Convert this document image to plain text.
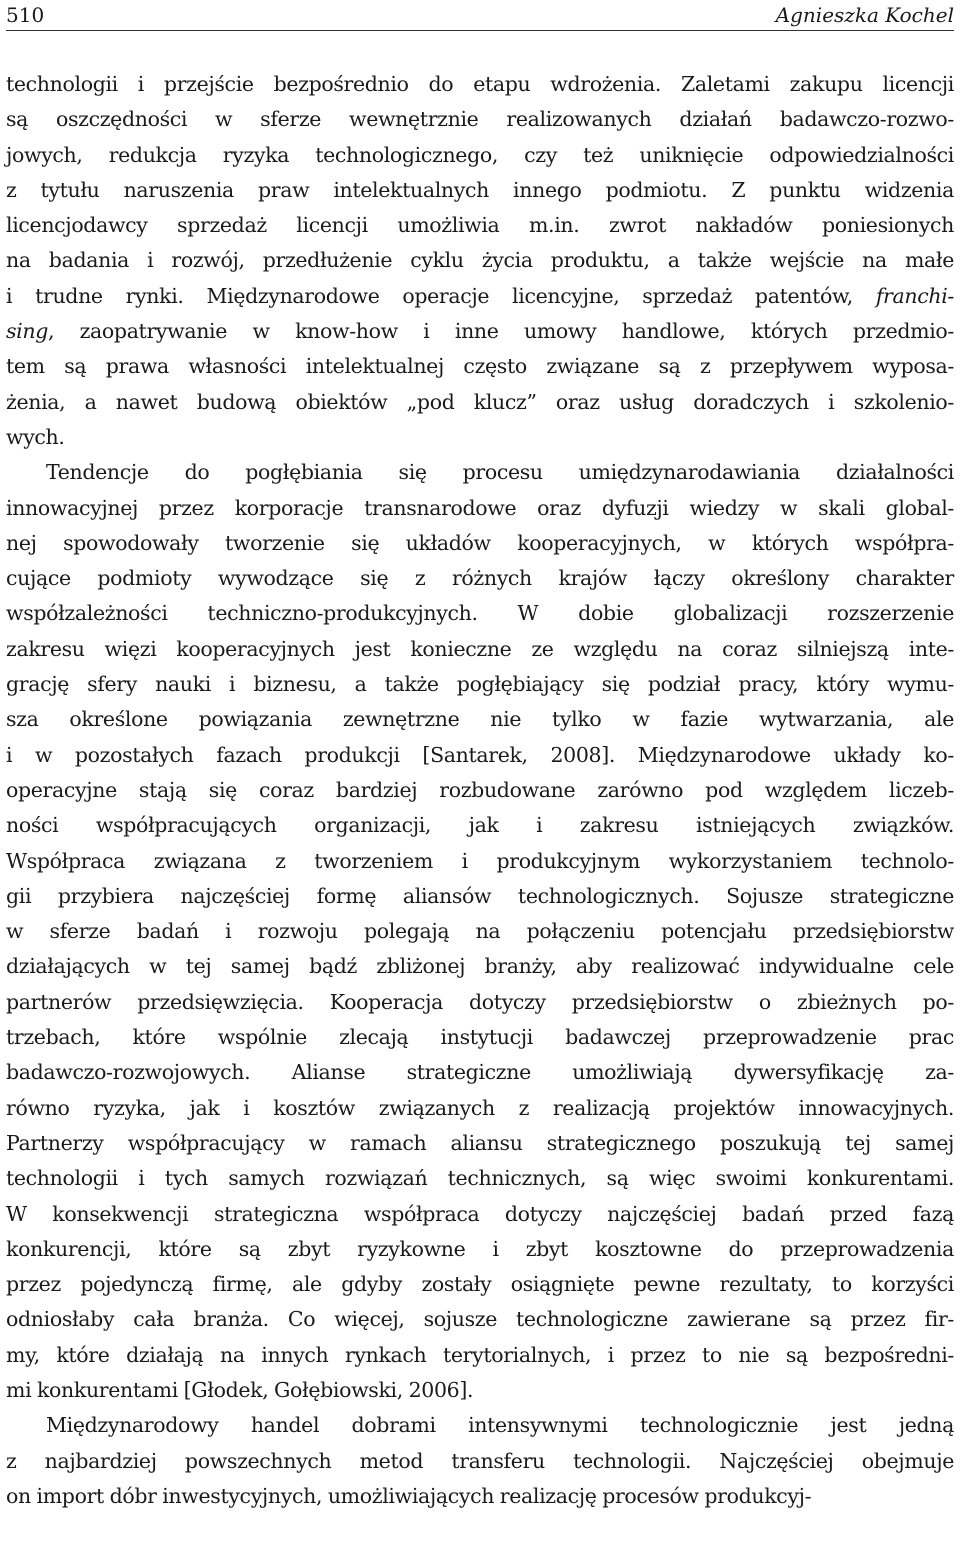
510	Agnieszka Kochel

technologii i przejście bezpośrednio do etapu wdrożenia. Zaletami zakupu licencji
są oszczędności w sferze wewnętrznie realizowanych działań badawczo-rozwo-
jowych, redukcja ryzyka technologicznego, czy też uniknięcie odpowiedzialności
z tytułu naruszenia praw intelektualnych innego podmiotu. Z punktu widzenia
licencjodawcy sprzedaż licencji umożliwia m.in. zwrot nakładów poniesionych
na badania i rozwój, przedłużenie cyklu życia produktu, a także wejście na małe
i trudne rynki. Międzynarodowe operacje licencyjne, sprzedaż patentów, franchi-
sing, zaopatrywanie w know-how i inne umowy handlowe, których przedmio-
tem są prawa własności intelektualnej często związane są z przepływem wyposa-
żenia, a nawet budową obiektów „pod klucz” oraz usług doradczych i szkolenio-
wych.

Tendencje do pogłębiania się procesu umiędzynarodawiania działalności
innowacyjnej przez korporacje transnarodowe oraz dyfuzji wiedzy w skali global-
nej spowodowały tworzenie się układów kooperacyjnych, w których współpra-
cujące podmioty wywodzące się z różnych krajów łączy określony charakter
współzależności techniczno-produkcyjnych. W dobie globalizacji rozszerzenie
zakresu więzi kooperacyjnych jest konieczne ze względu na coraz silniejszą inte-
grację sfery nauki i biznesu, a także pogłębiający się podział pracy, który wymu-
sza określone powiązania zewnętrzne nie tylko w fazie wytwarzania, ale
i w pozostałych fazach produkcji [Santarek, 2008]. Międzynarodowe układy ko-
operacyjne stają się coraz bardziej rozbudowane zarówno pod względem liczeb-
ności współpracujących organizacji, jak i zakresu istniejących związków.
Współpraca związana z tworzeniem i produkcyjnym wykorzystaniem technolo-
gii przybiera najczęściej formę aliansów technologicznych. Sojusze strategiczne
w sferze badań i rozwoju polegają na połączeniu potencjału przedsiębiorstw
działających w tej samej bądź zbliżonej branży, aby realizować indywidualne cele
partnerów przedsięwzięcia. Kooperacja dotyczy przedsiębiorstw o zbieżnych po-
trzebach, które wspólnie zlecają instytucji badawczej przeprowadzenie prac
badawczo-rozwojowych. Alianse strategiczne umożliwiają dywersyfikację za-
równo ryzyka, jak i kosztów związanych z realizacją projektów innowacyjnych.
Partnerzy współpracujący w ramach aliansu strategicznego poszukują tej samej
technologii i tych samych rozwiązań technicznych, są więc swoimi konkurentami.
W konsekwencji strategiczna współpraca dotyczy najczęściej badań przed fazą
konkurencji, które są zbyt ryzykowne i zbyt kosztowne do przeprowadzenia
przez pojedynczą firmę, ale gdyby zostały osiągnięte pewne rezultaty, to korzyści
odniosłaby cała branża. Co więcej, sojusze technologiczne zawierane są przez fir-
my, które działają na innych rynkach terytorialnych, i przez to nie są bezpośredni-
mi konkurentami [Głodek, Gołębiowski, 2006].

Międzynarodowy handel dobrami intensywnymi technologicznie jest jedną
z najbardziej powszechnych metod transferu technologii. Najczęściej obejmuje
on import dóbr inwestycyjnych, umożliwiających realizację procesów produkcyj-
